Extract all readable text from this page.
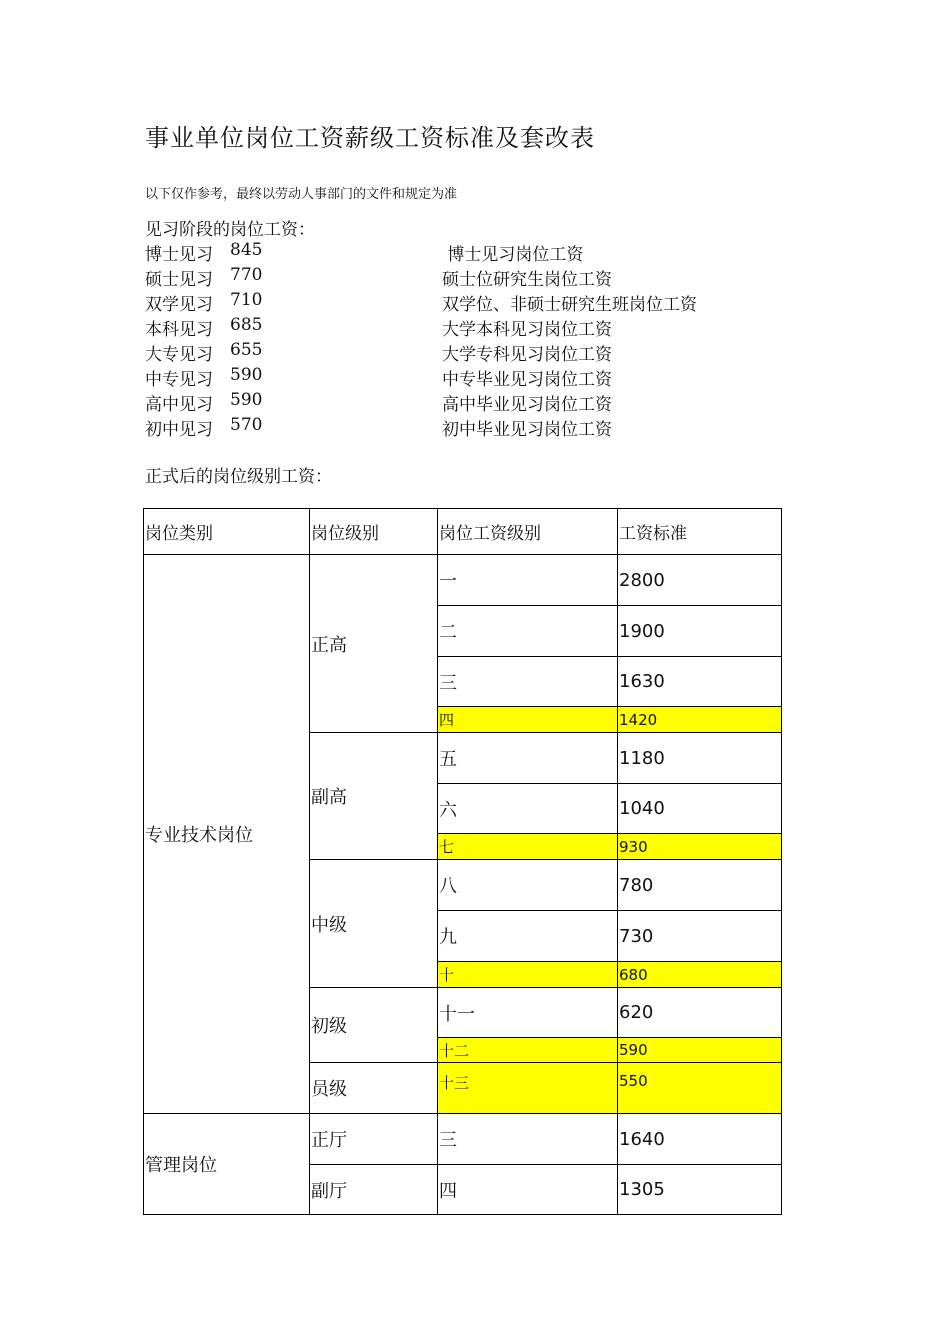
事业单位岗位工资薪级工资标准及套改表
以下仅作参考，最终以劳动人事部门的文件和规定为准
见习阶段的岗位工资：
博士见习 845	博士见习岗位工资
硕士见习 770	硕士位研究生岗位工资
双学见习 710	双学位、非硕士研究生班岗位工资
本科见习 685	大学本科见习岗位工资
大专见习 655	大学专科见习岗位工资
中专见习 590	中专毕业见习岗位工资
高中见习 590	高中毕业见习岗位工资
初中见习 570	初中毕业见习岗位工资
正式后的岗位级别工资：
岗位类别	岗位级别	岗位工资级别	工资标准
专业技术岗位	正高	一	2800
		二	1900
		三	1630
		四	1420
	副高	五	1180
		六	1040
		七	930
	中级	八	780
		九	730
		十	680
	初级	十一	620
		十二	590
	员级	十三	550
管理岗位	正厅	三	1640
	副厅	四	1305
